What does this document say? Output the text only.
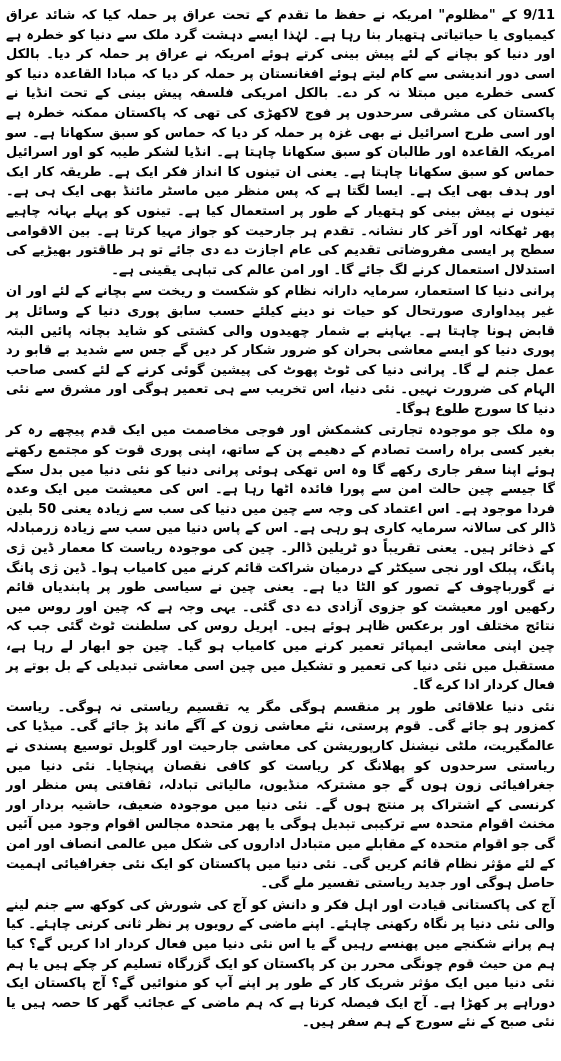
9/11 کے "مظلوم" امریکہ نے حفظ ما تقدم کے تحت عراق پر حملہ کیا کہ شائد عراق کیمیاوی یا حیاتیاتی ہتھیار بنا رہا ہے۔ لہٰذا ایسے دہشت گرد ملک سے دنیا کو خطرہ ہے اور دنیا کو بچانے کے لئے پیش بینی کرتے ہوئے امریکہ نے عراق پر حملہ کر دیا۔ بالکل اسی دور اندیشی سے کام لیتے ہوئے افغانستان پر حملہ کر دیا کہ مبادا القاعدہ دنیا کو کسی خطرے میں مبتلا نہ کر دے۔ بالکل امریکی فلسفہ پیش بینی کے تحت انڈیا نے پاکستان کی مشرقی سرحدوں پر فوج لاکھڑی کی تھی کہ پاکستان ممکنہ خطرہ ہے اور اسی طرح اسرائیل نے بھی غزہ پر حملہ کر دیا کہ حماس کو سبق سکھانا ہے۔ سو امریکہ القاعدہ اور طالبان کو سبق سکھانا چاہتا ہے۔ انڈیا لشکر طیبہ کو اور اسرائیل حماس کو سبق سکھانا چاہتا ہے۔ یعنی ان تینوں کا انداز فکر ایک ہے۔ طریقہ کار ایک اور ہدف بھی ایک ہے۔ ایسا لگتا ہے کہ پس منظر میں ماسٹر مائنڈ بھی ایک ہی ہے۔ تینوں نے پیش بینی کو ہتھیار کے طور پر استعمال کیا ہے۔ تینوں کو پہلے بہانہ چاہیے پھر ٹھکانہ اور آخر کار نشانہ۔ تقدم ہر جارحیت کو جواز مہیا کرتا ہے۔ بین الاقوامی سطح پر ایسی مفروضاتی تقدیم کی عام اجازت دے دی جائے تو ہر طاقتور بھیڑیے کی استدلال استعمال کرنے لگ جائے گا۔ اور امن عالم کی تباہی یقینی ہے۔

پرانی دنیا کا استعمار، سرمایہ دارانہ نظام کو شکست و ریخت سے بچانے کے لئے اور ان غیر پیداواری صورتحال کو حیات نو دینے کیلئے حسب سابق پوری دنیا کے وسائل پر قابض ہونا چاہتا ہے۔ یہاپنے بے شمار چھیدوں والی کشتی کو شاید بچانہ پائیں البتہ پوری دنیا کو ایسے معاشی بحران کو ضرور شکار کر دیں گے جس سے شدید بے قابو رد عمل جنم لے گا۔ پرانی دنیا کی ٹوٹ پھوٹ کی پیشین گوئی کرنے کے لئے کسی صاحب الہام کی ضرورت نہیں۔ نئی دنیا، اس تخریب سے ہی تعمیر ہوگی اور مشرق سے نئی دنیا کا سورج طلوع ہوگا۔

وہ ملک جو موجودہ تجارتی کشمکش اور فوجی مخاصمت میں ایک قدم پیچھے رہ کر بغیر کسی براہ راست تصادم کے دھیمے پن کے ساتھ، اپنی پوری قوت کو مجتمع رکھتے ہوئے اپنا سفر جاری رکھے گا وہ اس تھکی ہوئی پرانی دنیا کو نئی دنیا میں بدل سکے گا جیسے چین حالت امن سے پورا فائدہ اٹھا رہا ہے۔ اس کی معیشت میں ایک وعدہ فردا موجود ہے۔ اس اعتماد کی وجہ سے چین میں دنیا کی سب سے زیادہ یعنی 50 بلین ڈالر کی سالانہ سرمایہ کاری ہو رہی ہے۔ اس کے پاس دنیا میں سب سے زیادہ زرمبادلہ کے ذخائر ہیں۔ یعنی تقریباً دو ٹریلین ڈالر۔ چین کی موجودہ ریاست کا معمار ڈین ژی پانگ، پبلک اور نجی سیکٹر کے درمیان شراکت قائم کرنے میں کامیاب ہوا۔ ڈین ژی پانگ نے گورباچوف کے تصور کو الٹا دیا ہے۔ یعنی چین نے سیاسی طور پر پابندیاں قائم رکھیں اور معیشت کو جزوی آزادی دے دی گئی۔ یہی وجہ ہے کہ چین اور روس میں نتائج مختلف اور برعکس ظاہر ہوئے ہیں۔ اپریل روس کی سلطنت ٹوٹ گئی جب کہ چین اپنی معاشی ایمپائر تعمیر کرنے میں کامیاب ہو گیا۔ چین جو ابھار لے رہا ہے، مستقبل میں نئی دنیا کی تعمیر و تشکیل میں چین اسی معاشی تبدیلی کے بل بوتے پر فعال کردار ادا کرے گا۔

نئی دنیا علاقائی طور پر منقسم ہوگی مگر یہ تقسیم ریاستی نہ ہوگی۔ ریاست کمزور ہو جائے گی۔ قوم پرستی، نئے معاشی زون کے آگے ماند پڑ جائے گی۔ میڈیا کی عالمگیریت، ملٹی نیشنل کارپوریشن کی معاشی جارحیت اور گلوبل توسیع پسندی نے ریاستی سرحدوں کو پھلانگ کر ریاست کو کافی نقصان پہنچایا۔ نئی دنیا میں جغرافیائی زون ہوں گے جو مشترکہ منڈیوں، مالیاتی تبادلہ، ثقافتی پس منظر اور کرنسی کے اشتراک پر منتج ہوں گے۔ نئی دنیا میں موجودہ ضعیف، حاشیہ بردار اور مخنث اقوام متحدہ سے ترکیبی تبدیل ہوگی یا پھر متحدہ مجالس اقوام وجود میں آئیں گی جو اقوام متحدہ کے مقابلے میں متبادل اداروں کی شکل میں عالمی انصاف اور امن کے لئے مؤثر نظام قائم کریں گی۔ نئی دنیا میں پاکستان کو ایک نئی جغرافیائی اہمیت حاصل ہوگی اور جدید ریاستی تفسیر ملے گی۔

آج کی پاکستانی قیادت اور اہل فکر و دانش کو آج کی شورش کی کوکھ سے جنم لینے والی نئی دنیا پر نگاہ رکھنی چاہئے۔ اپنے ماضی کے رویوں پر نظر ثانی کرنی چاہئے۔ کیا ہم پرانے شکنجے میں پھنسے رہیں گے یا اس نئی دنیا میں فعال کردار ادا کریں گے؟ کیا ہم من حیث قوم چونگی محرر بن کر پاکستان کو ایک گزرگاہ تسلیم کر چکے ہیں یا ہم نئی دنیا میں ایک مؤثر شریک کار کے طور پر اپنے آپ کو منوائیں گے؟ آج پاکستان ایک دوراہے پر کھڑا ہے۔ آج ایک فیصلہ کرنا ہے کہ ہم ماضی کے عجائب گھر کا حصہ ہیں یا نئی صبح کے نئے سورج کے ہم سفر ہیں۔
